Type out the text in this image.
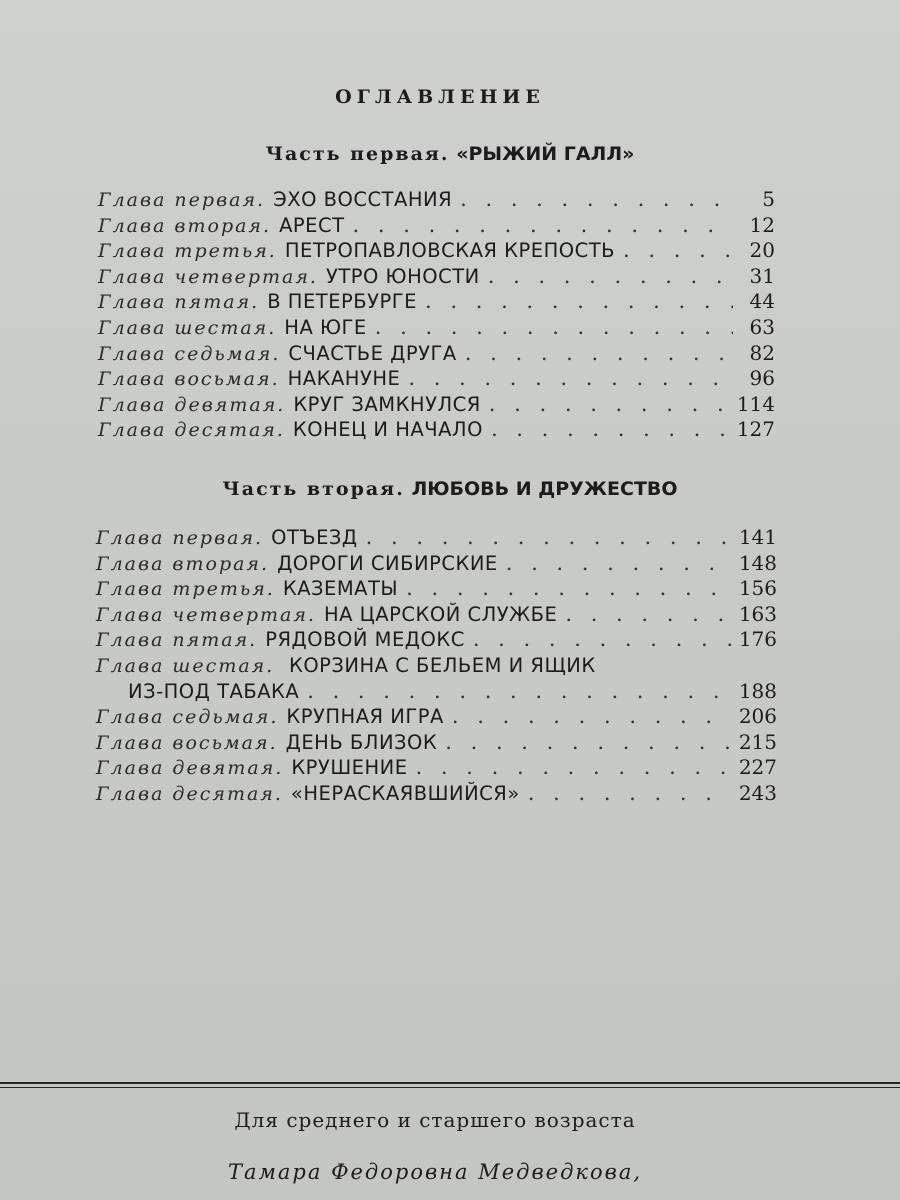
ОГЛАВЛЕНИЕ
Часть первая. «РЫЖИЙ ГАЛЛ»
Глава первая. ЭХО ВОССТАНИЯ . . .	5
Глава вторая. АРЕСТ . . .	12
Глава третья. ПЕТРОПАВЛОВСКАЯ КРЕПОСТЬ . . .	20
Глава четвертая. УТРО ЮНОСТИ . . .	31
Глава пятая. В ПЕТЕРБУРГЕ . . .	44
Глава шестая. НА ЮГЕ . . .	63
Глава седьмая. СЧАСТЬЕ ДРУГА . . .	82
Глава восьмая. НАКАНУНЕ . . .	96
Глава девятая. КРУГ ЗАМКНУЛСЯ . . .	114
Глава десятая. КОНЕЦ И НАЧАЛО . . .	127
Часть вторая. ЛЮБОВЬ И ДРУЖЕСТВО
Глава первая. ОТЪЕЗД . . .	141
Глава вторая. ДОРОГИ СИБИРСКИЕ . . .	148
Глава третья. КАЗЕМАТЫ . . .	156
Глава четвертая. НА ЦАРСКОЙ СЛУЖБЕ . . .	163
Глава пятая. РЯДОВОЙ МЕДОКС . . .	176
Глава шестая. КОРЗИНА С БЕЛЬЕМ И ЯЩИК
ИЗ-ПОД ТАБАКА . . .	188
Глава седьмая. КРУПНАЯ ИГРА . . .	206
Глава восьмая. ДЕНЬ БЛИЗОК . . .	215
Глава девятая. КРУШЕНИЕ . . .	227
Глава десятая. «НЕРАСКАЯВШИЙСЯ» . . .	243

Для среднего и старшего возраста

Тамара Федоровна Медведкова,
